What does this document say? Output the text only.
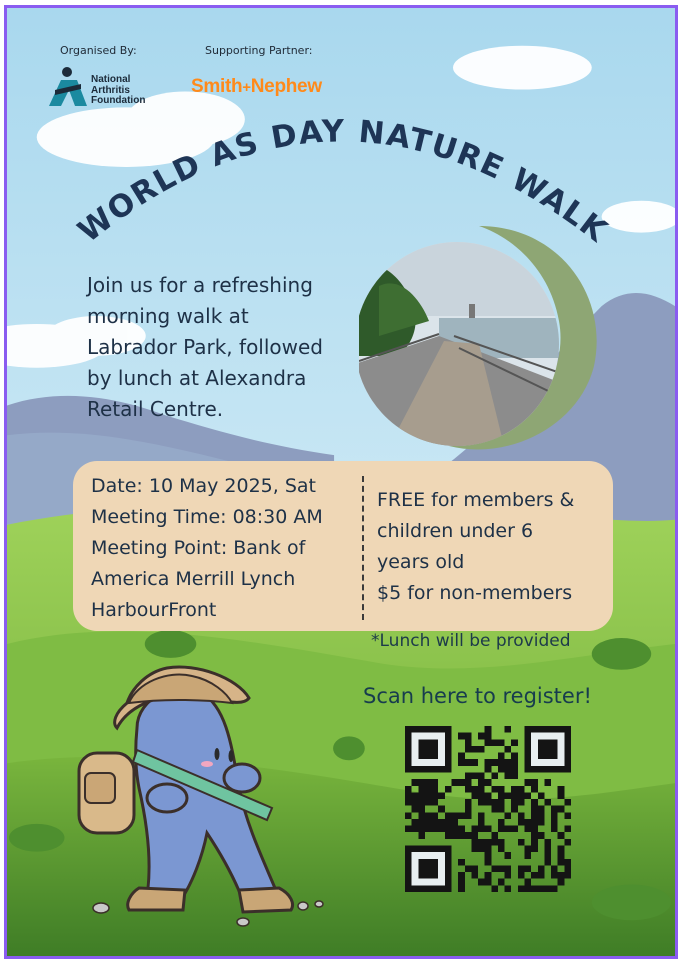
WORLD AS DAY NATURE WALK
Organised By:	Supporting Partner:
National
Arthritis
Foundation
Smith+Nephew
Join us for a refreshing
morning walk at
Labrador Park, followed
by lunch at Alexandra
Retail Centre.
Date: 10 May 2025, Sat
Meeting Time: 08:30 AM
Meeting Point: Bank of
America Merrill Lynch
HarbourFront
FREE for members &
children under 6
years old
$5 for non-members
*Lunch will be provided
Scan here to register!
